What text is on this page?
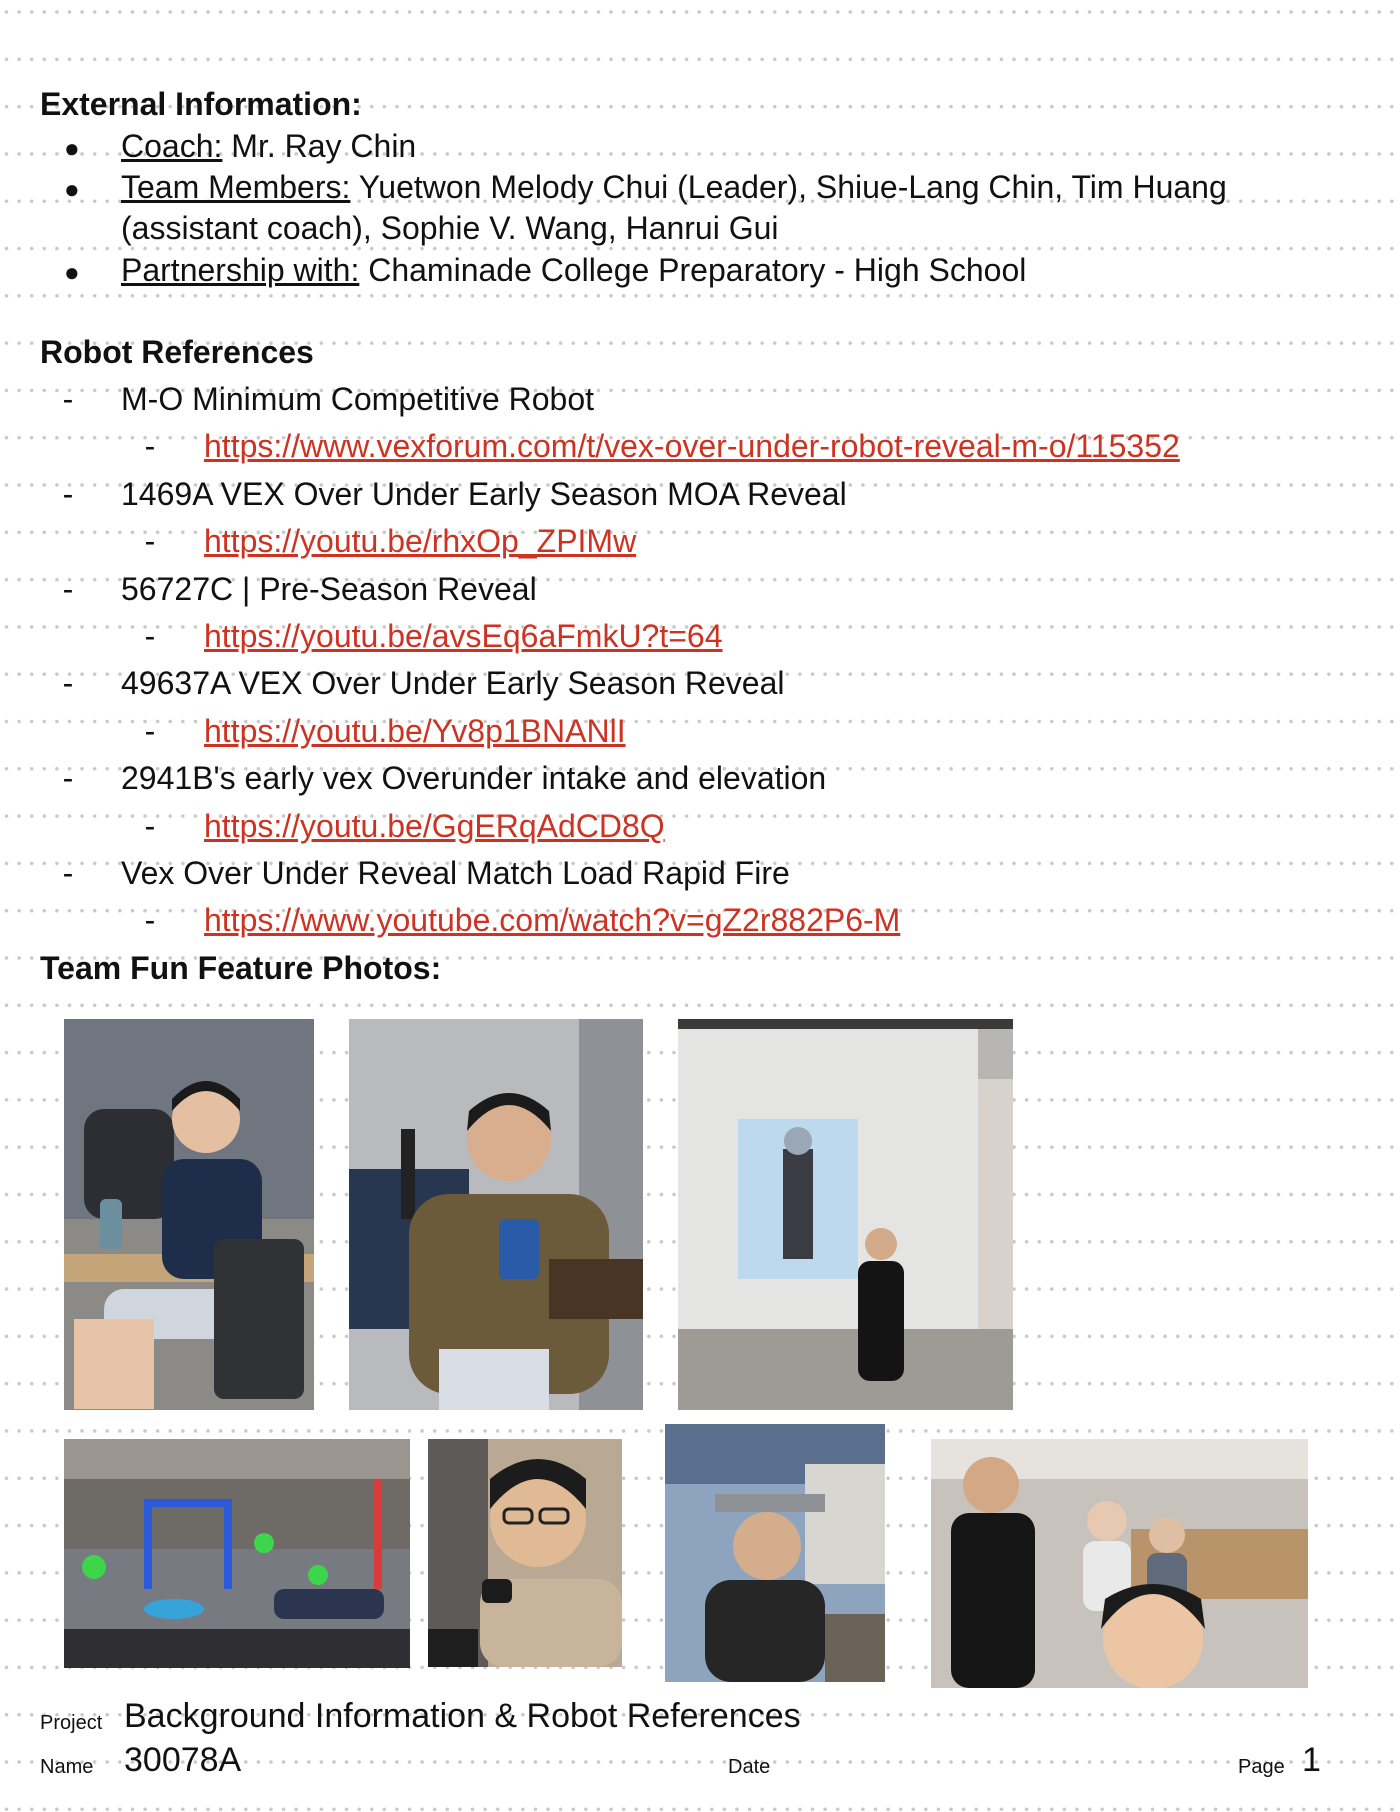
External Information:
● Coach: Mr. Ray Chin
● Team Members: Yuetwon Melody Chui (Leader), Shiue-Lang Chin, Tim Huang
(assistant coach), Sophie V. Wang, Hanrui Gui
● Partnership with: Chaminade College Preparatory - High School
Robot References
- M-O Minimum Competitive Robot
- https://www.vexforum.com/t/vex-over-under-robot-reveal-m-o/115352
- 1469A VEX Over Under Early Season MOA Reveal
- https://youtu.be/rhxOp_ZPIMw
- 56727C | Pre-Season Reveal
- https://youtu.be/avsEq6aFmkU?t=64
- 49637A VEX Over Under Early Season Reveal
- https://youtu.be/Yv8p1BNANlI
- 2941B's early vex Overunder intake and elevation
- https://youtu.be/GgERqAdCD8Q
- Vex Over Under Reveal Match Load Rapid Fire
- https://www.youtube.com/watch?v=gZ2r882P6-M
Team Fun Feature Photos:
Project Background Information & Robot References
Name 30078A	Date	Page 1
